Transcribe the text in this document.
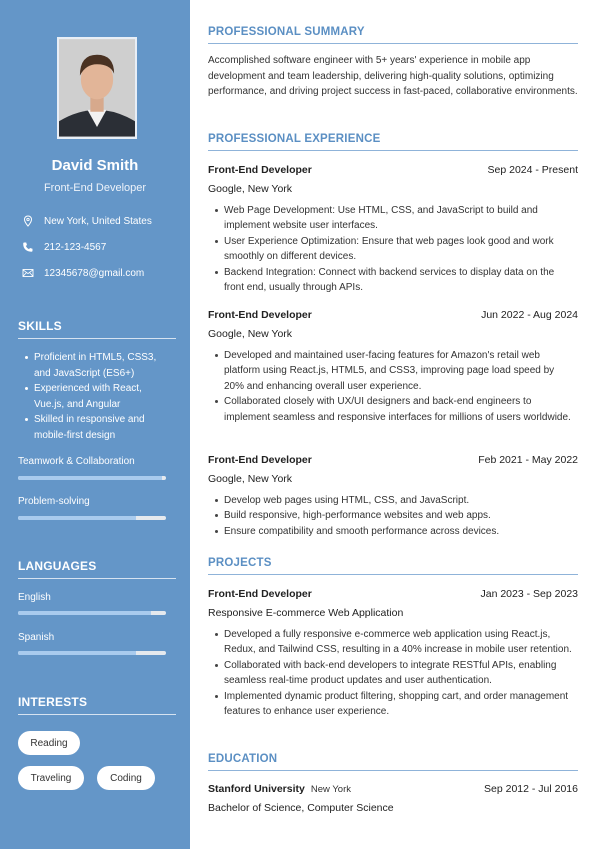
David Smith
Front-End Developer
New York, United States
212-123-4567
12345678@gmail.com
SKILLS
Proficient in HTML5, CSS3, and JavaScript (ES6+)
Experienced with React, Vue.js, and Angular
Skilled in responsive and mobile-first design
Teamwork & Collaboration
Problem-solving
LANGUAGES
English
Spanish
INTERESTS
Reading
Traveling	Coding
PROFESSIONAL SUMMARY

Accomplished software engineer with 5+ years' experience in mobile app development and team leadership, delivering high-quality solutions, optimizing performance, and driving project success in fast-paced, collaborative environments.

PROFESSIONAL EXPERIENCE
Front-End Developer	Sep 2024 - Present
Google, New York
Web Page Development: Use HTML, CSS, and JavaScript to build and implement website user interfaces.
User Experience Optimization: Ensure that web pages look good and work smoothly on different devices.
Backend Integration: Connect with backend services to display data on the front end, usually through APIs.
Front-End Developer	Jun 2022 - Aug 2024
Google, New York
Developed and maintained user-facing features for Amazon's retail web platform using React.js, HTML5, and CSS3, improving page load speed by 20% and enhancing overall user experience.
Collaborated closely with UX/UI designers and back-end engineers to implement seamless and responsive interfaces for millions of users worldwide.
Front-End Developer	Feb 2021 - May 2022
Google, New York
Develop web pages using HTML, CSS, and JavaScript.
Build responsive, high-performance websites and web apps.
Ensure compatibility and smooth performance across devices.
PROJECTS
Front-End Developer	Jan 2023 - Sep 2023
Responsive E-commerce Web Application
Developed a fully responsive e-commerce web application using React.js, Redux, and Tailwind CSS, resulting in a 40% increase in mobile user retention.
Collaborated with back-end developers to integrate RESTful APIs, enabling seamless real-time product updates and user authentication.
Implemented dynamic product filtering, shopping cart, and order management features to enhance user experience.
EDUCATION
Stanford University New York	Sep 2012 - Jul 2016
Bachelor of Science, Computer Science
